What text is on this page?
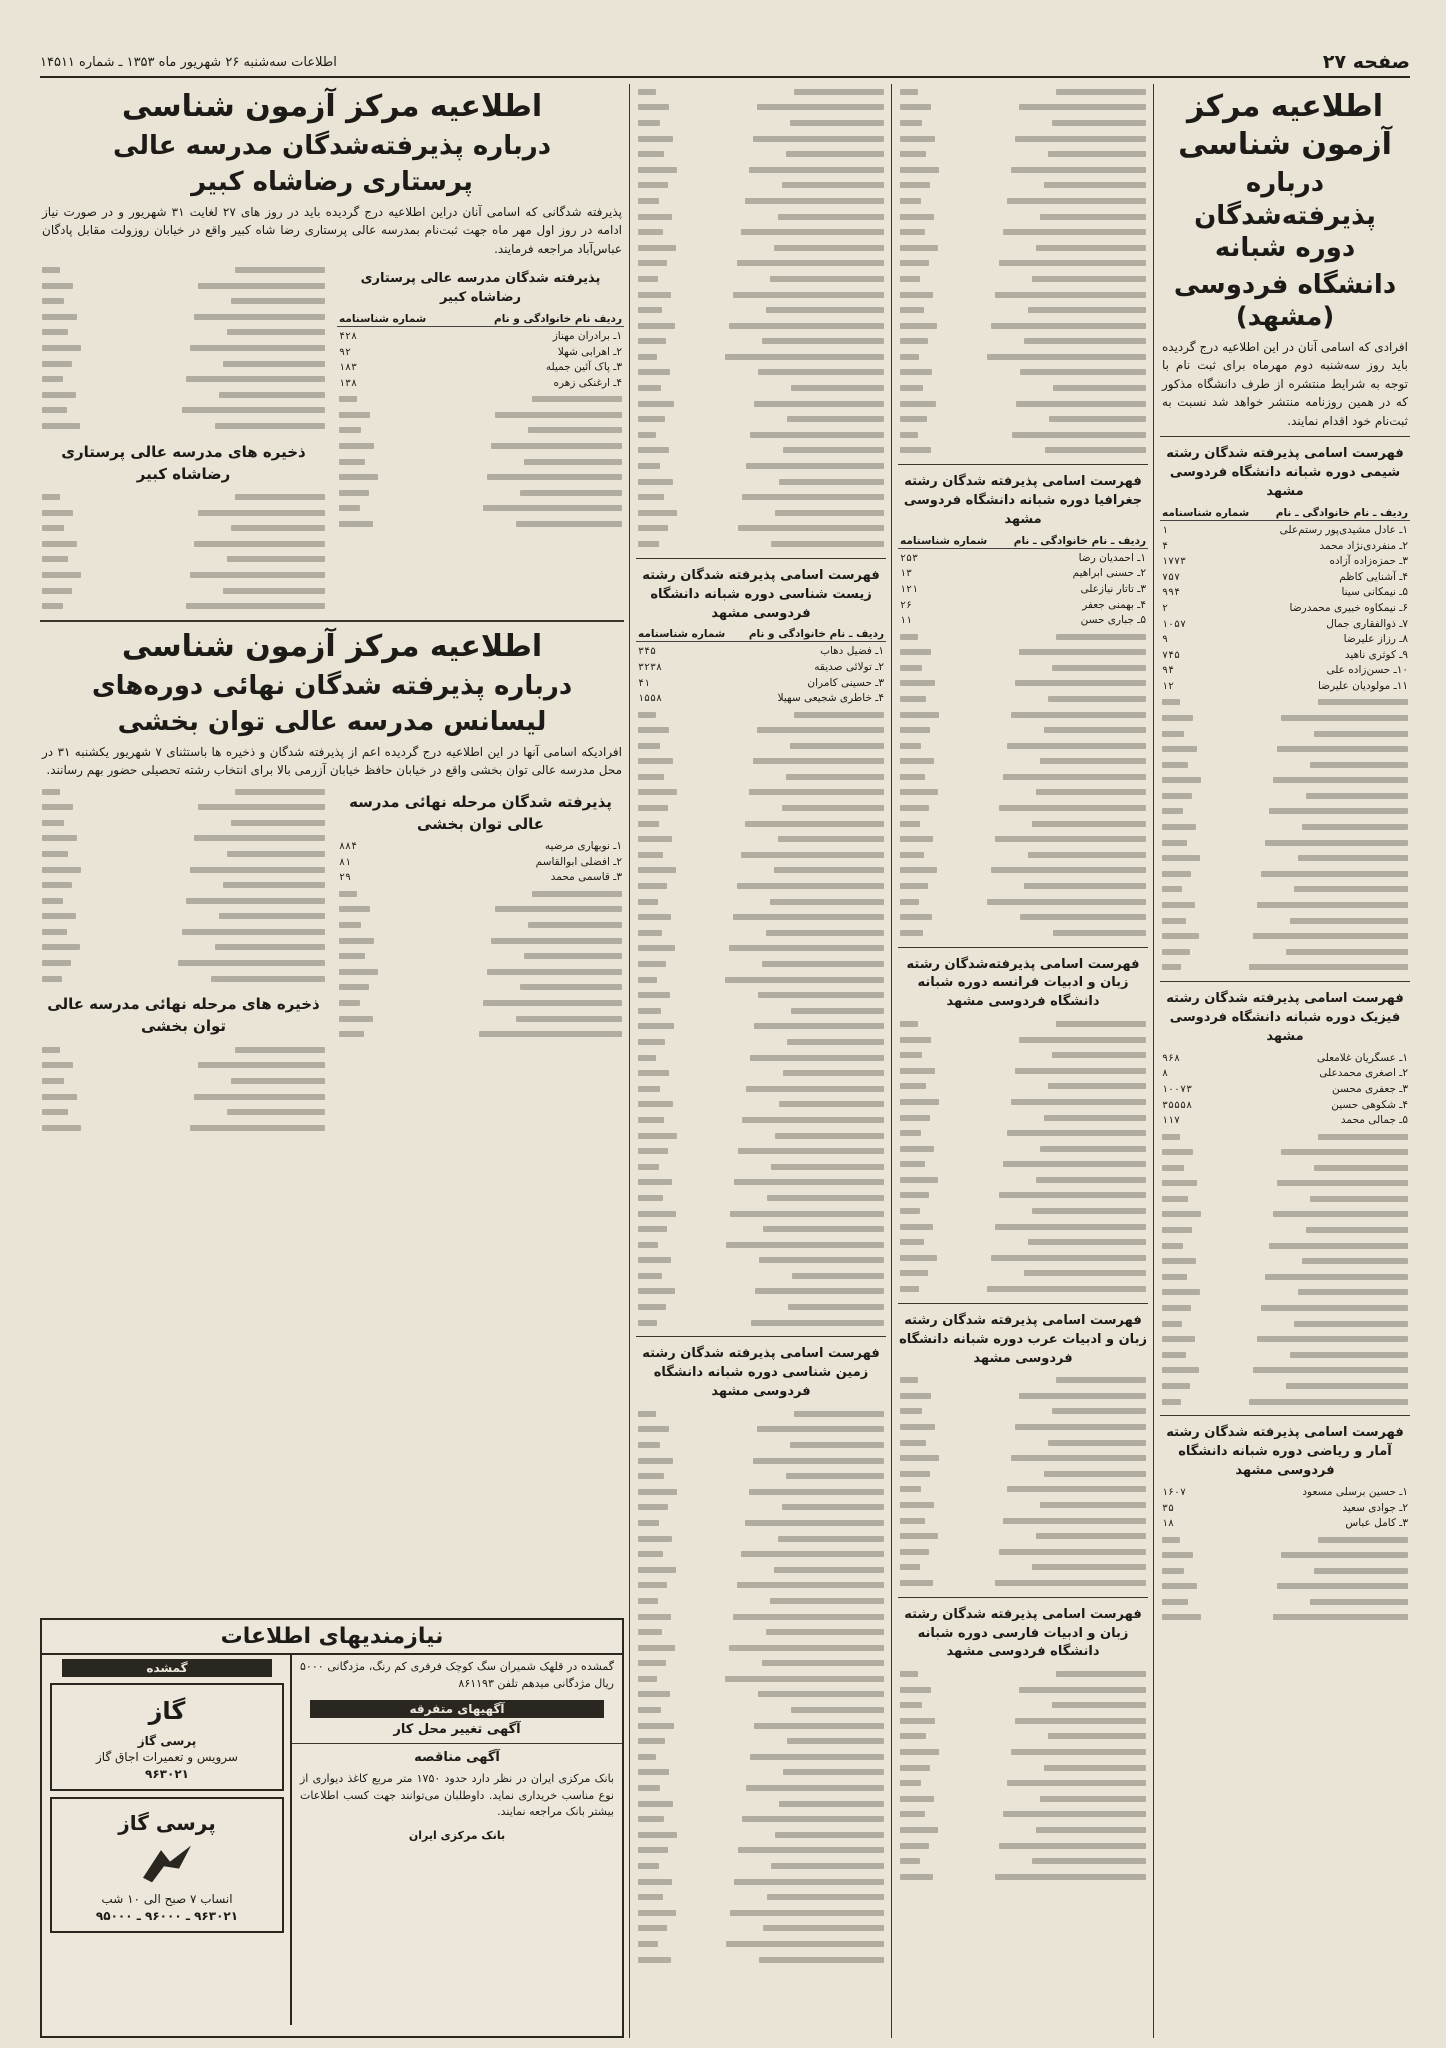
صفحه ۲۷
اطلاعات سه‌شنبه ۲۶ شهریور ماه ۱۳۵۳ ـ شماره ۱۴۵۱۱
اطلاعیه مرکز آزمون شناسی
درباره پذیرفته‌شدگان دوره شبانه
دانشگاه فردوسی (مشهد)
افرادی که اسامی آنان در این اطلاعیه درج گردیده باید روز سه‌شنبه دوم مهرماه برای ثبت نام با توجه به شرایط منتشره از طرف دانشگاه مذکور که در همین روزنامه منتشر خواهد شد نسبت به ثبت‌نام خود اقدام نمایند.
فهرست اسامی پذیرفته شدگان رشته شیمی دوره شبانه دانشگاه فردوسی مشهد
ردیف ـ نام خانوادگی ـ نام
شماره شناسنامه
۱ـ عادل مشیدی‌پور رستم‌علی
۱
۲ـ منفردی‌نژاد محمد
۴
۳ـ حمزه‌زاده آزاده
۱۷۷۳
۴ـ آشنایی کاظم
۷۵۷
۵ـ نیمکانی سینا
۹۹۴
۶ـ نیمکاوه خبیری محمدرضا
۲
۷ـ ذوالفقاری جمال
۱۰۵۷
۸ـ رزاز علیرضا
۹
۹ـ کوثری ناهید
۷۴۵
۱۰ـ حسن‌زاده علی
۹۴
۱۱ـ مولودیان علیرضا
۱۲
فهرست اسامی پذیرفته شدگان رشته فیزیک دوره شبانه دانشگاه فردوسی مشهد
۱ـ عسگریان غلامعلی
۹۶۸
۲ـ اصغری محمدعلی
۸
۳ـ جعفری محسن
۱۰۰۷۳
۴ـ شکوهی حسین
۳۵۵۵۸
۵ـ جمالی محمد
۱۱۷
فهرست اسامی پذیرفته شدگان رشته آمار و ریاضی دوره شبانه دانشگاه فردوسی مشهد
۱ـ حسین برسلی مسعود
۱۶۰۷
۲ـ جوادی سعید
۳۵
۳ـ کامل عباس
۱۸
فهرست اسامی پذیرفته شدگان رشته جغرافیا دوره شبانه دانشگاه فردوسی مشهد
ردیف ـ نام خانوادگی ـ نام
شماره شناسنامه
۱ـ احمدیان رضا
۲۵۳
۲ـ حسنی ابراهیم
۱۳
۳ـ تاتار نیازعلی
۱۲۱
۴ـ بهمنی جعفر
۲۶
۵ـ جباری حسن
۱۱
فهرست اسامی پذیرفته‌شدگان رشته زبان و ادبیات فرانسه دوره شبانه دانشگاه فردوسی مشهد
فهرست اسامی پذیرفته شدگان رشته زبان و ادبیات عرب دوره شبانه دانشگاه فردوسی مشهد
فهرست اسامی پذیرفته شدگان رشته زبان و ادبیات فارسی دوره شبانه دانشگاه فردوسی مشهد
فهرست اسامی پذیرفته شدگان رشته زیست شناسی دوره شبانه دانشگاه فردوسی مشهد
ردیف ـ نام خانوادگی و نام
شماره شناسنامه
۱ـ فضیل دهاب
۳۴۵
۲ـ تولائی صدیقه
۳۲۳۸
۳ـ حسینی کامران
۴۱
۴ـ خاطری شجیعی سهیلا
۱۵۵۸
فهرست اسامی پذیرفته شدگان رشته زمین شناسی دوره شبانه دانشگاه فردوسی مشهد
اطلاعیه مرکز آزمون شناسی
درباره پذیرفته‌شدگان مدرسه عالی
پرستاری رضاشاه کبیر
پذیرفته شدگانی که اسامی آنان دراین اطلاعیه درج گردیده باید در روز های ۲۷ لغایت ۳۱ شهریور و در صورت نیاز ادامه در روز اول مهر ماه جهت ثبت‌نام بمدرسه عالی پرستاری رضا شاه کبیر واقع در خیابان روزولت مقابل پادگان عباس‌آباد مراجعه فرمایند.
پذیرفته شدگان مدرسه عالی پرستاری رضاشاه کبیر
ردیف نام خانوادگی و نام
شماره شناسنامه
۱ـ برادران مهناز
۴۲۸
۲ـ اهرابی شهلا
۹۲
۳ـ پاک آئین جمیله
۱۸۳
۴ـ ارغنکی زهره
۱۳۸
ذخیره های مدرسه عالی پرستاری رضاشاه کبیر
اطلاعیه مرکز آزمون شناسی
درباره پذیرفته شدگان نهائی دوره‌های
لیسانس مدرسه عالی توان بخشی
افرادیکه اسامی آنها در این اطلاعیه درج گردیده اعم از پذیرفته شدگان و ذخیره ها باستثنای ۷ شهریور یکشنبه ۳۱ در محل مدرسه عالی توان بخشی واقع در خیابان حافظ خیابان آزرمی بالا برای انتخاب رشته تحصیلی حضور بهم رسانند.
پذیرفته شدگان مرحله نهائی مدرسه عالی توان بخشی
۱ـ نوبهاری مرضیه
۸۸۴
۲ـ افضلی ابوالقاسم
۸۱
۳ـ قاسمی محمد
۲۹
ذخیره های مرحله نهائی مدرسه عالی توان بخشی
نیازمندیهای اطلاعات
گمشده در قلهک شمیران سگ کوچک فرفری کم رنگ، مژدگانی ۵۰۰۰ ریال مژدگانی میدهم تلفن ۸۶۱۱۹۳
آگهیهای متفرقه
آگهی تغییر محل کار
آگهی مناقصه
بانک مرکزی ایران در نظر دارد حدود ۱۷۵۰ متر مربع کاغذ دیواری از نوع مناسب خریداری نماید. داوطلبان می‌توانند جهت کسب اطلاعات بیشتر بانک مراجعه نمایند.
بانک مرکزی ایران
گمشده
گاز
پرسی گاز
سرویس و تعمیرات اجاق گاز
۹۶۳۰۲۱
پرسی گاز
انساب ۷ صبح الی ۱۰ شب
۹۶۳۰۲۱ ـ ۹۶۰۰۰ ـ ۹۵۰۰۰
